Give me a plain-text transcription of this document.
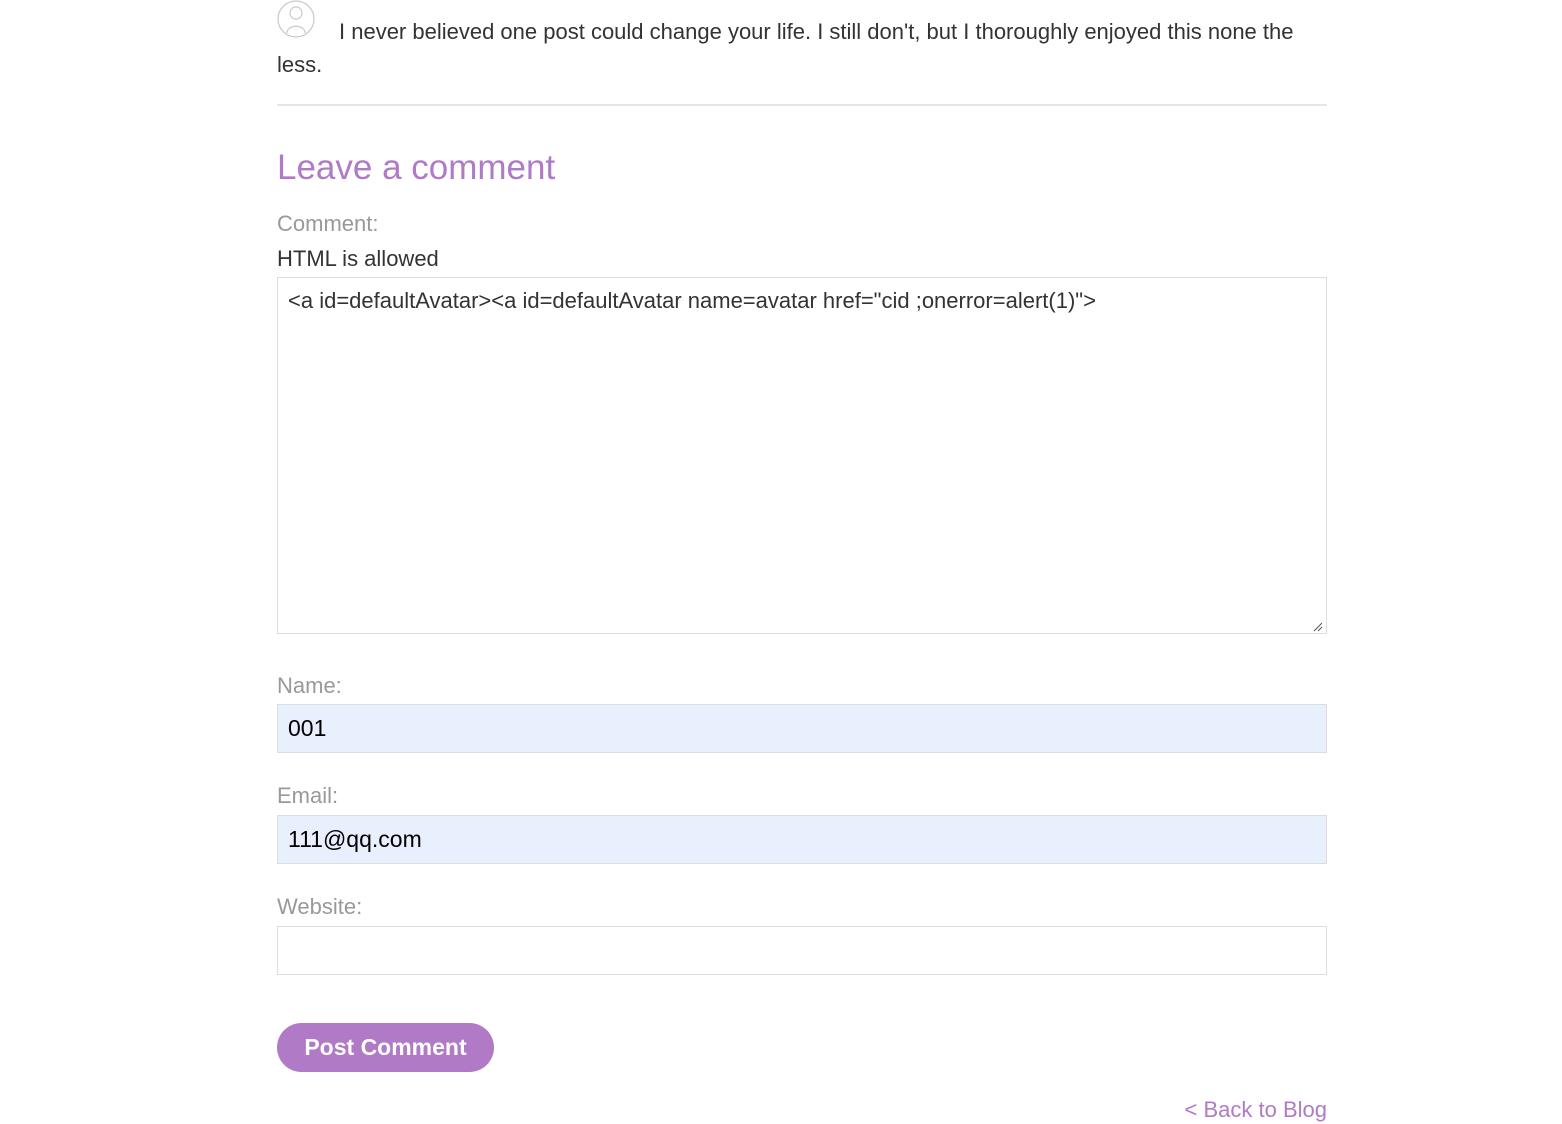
I never believed one post could change your life. I still don't, but I thoroughly enjoyed this none the less.

Leave a comment
Comment:
HTML is allowed
<a id=defaultAvatar><a id=defaultAvatar name=avatar href="cid ;onerror=alert(1)">
Name:
001
Email:
111@qq.com
Website:
Post Comment
< Back to Blog
